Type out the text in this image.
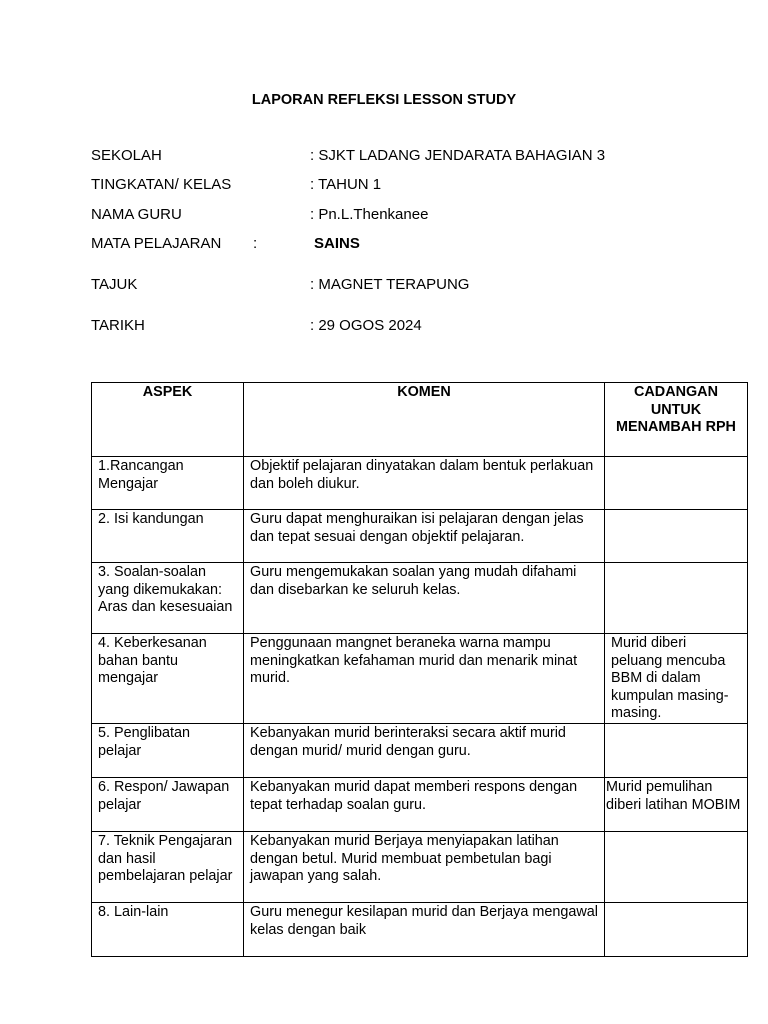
LAPORAN REFLEKSI LESSON STUDY
SEKOLAH	: SJKT LADANG JENDARATA BAHAGIAN 3
TINGKATAN/ KELAS	: TAHUN 1
NAMA GURU	: Pn.L.Thenkanee
MATA PELAJARAN :	SAINS
TAJUK	: MAGNET TERAPUNG
TARIKH	: 29 OGOS 2024
ASPEK	KOMEN	CADANGAN UNTUK MENAMBAH RPH
1.Rancangan Mengajar	Objektif pelajaran dinyatakan dalam bentuk perlakuan dan boleh diukur.	
2. Isi kandungan	Guru dapat menghuraikan isi pelajaran dengan jelas dan tepat sesuai dengan objektif pelajaran.	
3. Soalan-soalan yang dikemukakan: Aras dan kesesuaian	Guru mengemukakan soalan yang mudah difahami dan disebarkan ke seluruh kelas.	
4. Keberkesanan bahan bantu mengajar	Penggunaan mangnet beraneka warna mampu meningkatkan kefahaman murid dan menarik minat murid.	Murid diberi peluang mencuba BBM di dalam kumpulan masing-masing.
5. Penglibatan pelajar	Kebanyakan murid berinteraksi secara aktif murid dengan murid/ murid dengan guru.	
6. Respon/ Jawapan pelajar	Kebanyakan murid dapat memberi respons dengan tepat terhadap soalan guru.	Murid pemulihan diberi latihan MOBIM
7. Teknik Pengajaran dan hasil pembelajaran pelajar	Kebanyakan murid Berjaya menyiapakan latihan dengan betul. Murid membuat pembetulan bagi jawapan yang salah.	
8. Lain-lain	Guru menegur kesilapan murid dan Berjaya mengawal kelas dengan baik	
